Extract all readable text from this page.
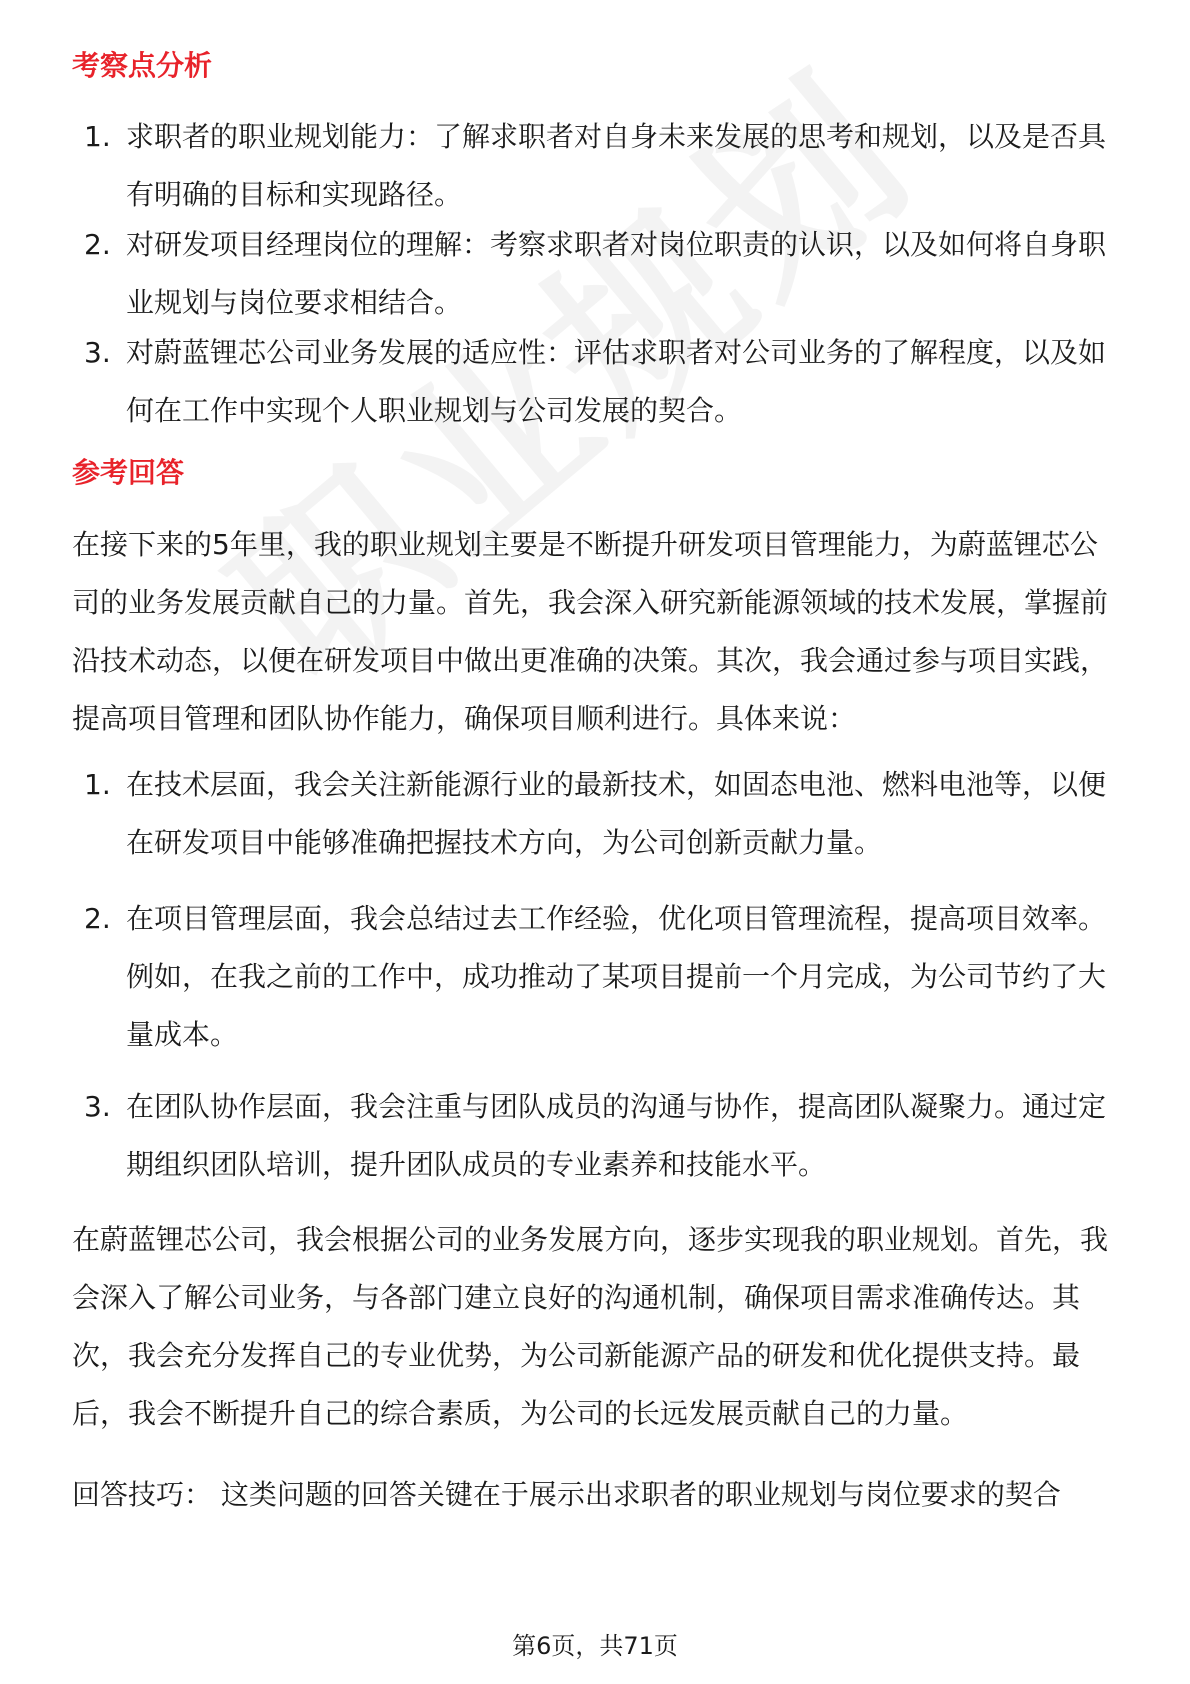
考察点分析
1. 求职者的职业规划能力：了解求职者对自身未来发展的思考和规划，以及是否具有明确的目标和实现路径。
2. 对研发项目经理岗位的理解：考察求职者对岗位职责的认识，以及如何将自身职业规划与岗位要求相结合。
3. 对蔚蓝锂芯公司业务发展的适应性：评估求职者对公司业务的了解程度，以及如何在工作中实现个人职业规划与公司发展的契合。
参考回答

在接下来的5年里，我的职业规划主要是不断提升研发项目管理能力，为蔚蓝锂芯公司的业务发展贡献自己的力量。首先，我会深入研究新能源领域的技术发展，掌握前沿技术动态，以便在研发项目中做出更准确的决策。其次，我会通过参与项目实践，提高项目管理和团队协作能力，确保项目顺利进行。具体来说：

1. 在技术层面，我会关注新能源行业的最新技术，如固态电池、燃料电池等，以便在研发项目中能够准确把握技术方向，为公司创新贡献力量。
2. 在项目管理层面，我会总结过去工作经验，优化项目管理流程，提高项目效率。例如，在我之前的工作中，成功推动了某项目提前一个月完成，为公司节约了大量成本。
3. 在团队协作层面，我会注重与团队成员的沟通与协作，提高团队凝聚力。通过定期组织团队培训，提升团队成员的专业素养和技能水平。

在蔚蓝锂芯公司，我会根据公司的业务发展方向，逐步实现我的职业规划。首先，我会深入了解公司业务，与各部门建立良好的沟通机制，确保项目需求准确传达。其次，我会充分发挥自己的专业优势，为公司新能源产品的研发和优化提供支持。最后，我会不断提升自己的综合素质，为公司的长远发展贡献自己的力量。

回答技巧： 这类问题的回答关键在于展示出求职者的职业规划与岗位要求的契合

第6页，共71页
